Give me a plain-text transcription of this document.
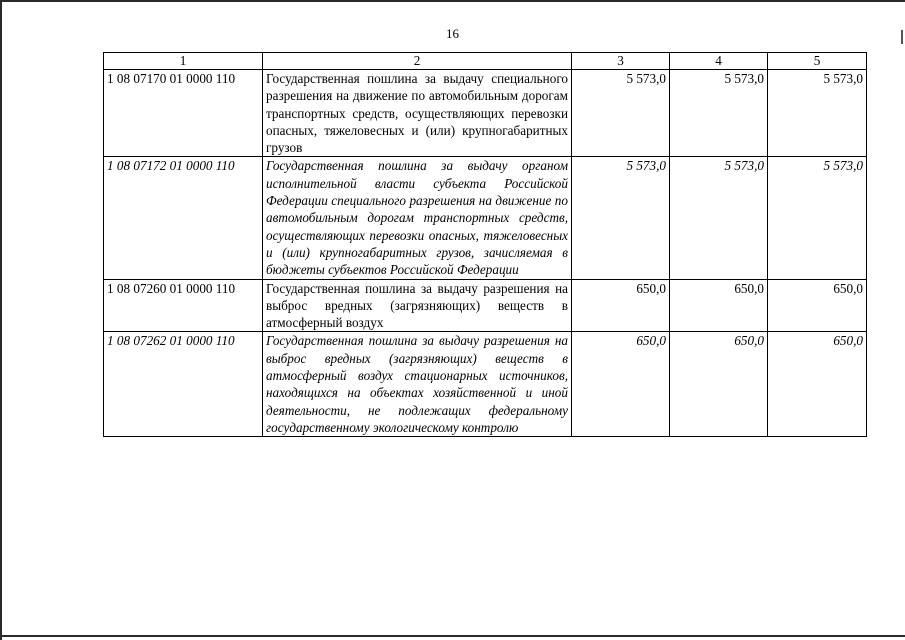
16
1	2	3	4	5
1 08 07170 01 0000 110	Государственная пошлина за выдачу специального разрешения на движение по автомобильным дорогам транспортных средств, осуществляющих перевозки опасных, тяжеловесных и (или) крупногабаритных грузов	5 573,0	5 573,0	5 573,0
1 08 07172 01 0000 110	Государственная пошлина за выдачу органом исполнительной власти субъекта Российской Федерации специального разрешения на движение по автомобильным дорогам транспортных средств, осуществляющих перевозки опасных, тяжеловесных и (или) крупногабаритных грузов, зачисляемая в бюджеты субъектов Российской Федерации	5 573,0	5 573,0	5 573,0
1 08 07260 01 0000 110	Государственная пошлина за выдачу разрешения на выброс вредных (загрязняющих) веществ в атмосферный воздух	650,0	650,0	650,0
1 08 07262 01 0000 110	Государственная пошлина за выдачу разрешения на выброс вредных (загрязняющих) веществ в атмосферный воздух стационарных источников, находящихся на объектах хозяйственной и иной деятельности, не подлежащих федеральному государственному экологическому контролю	650,0	650,0	650,0
